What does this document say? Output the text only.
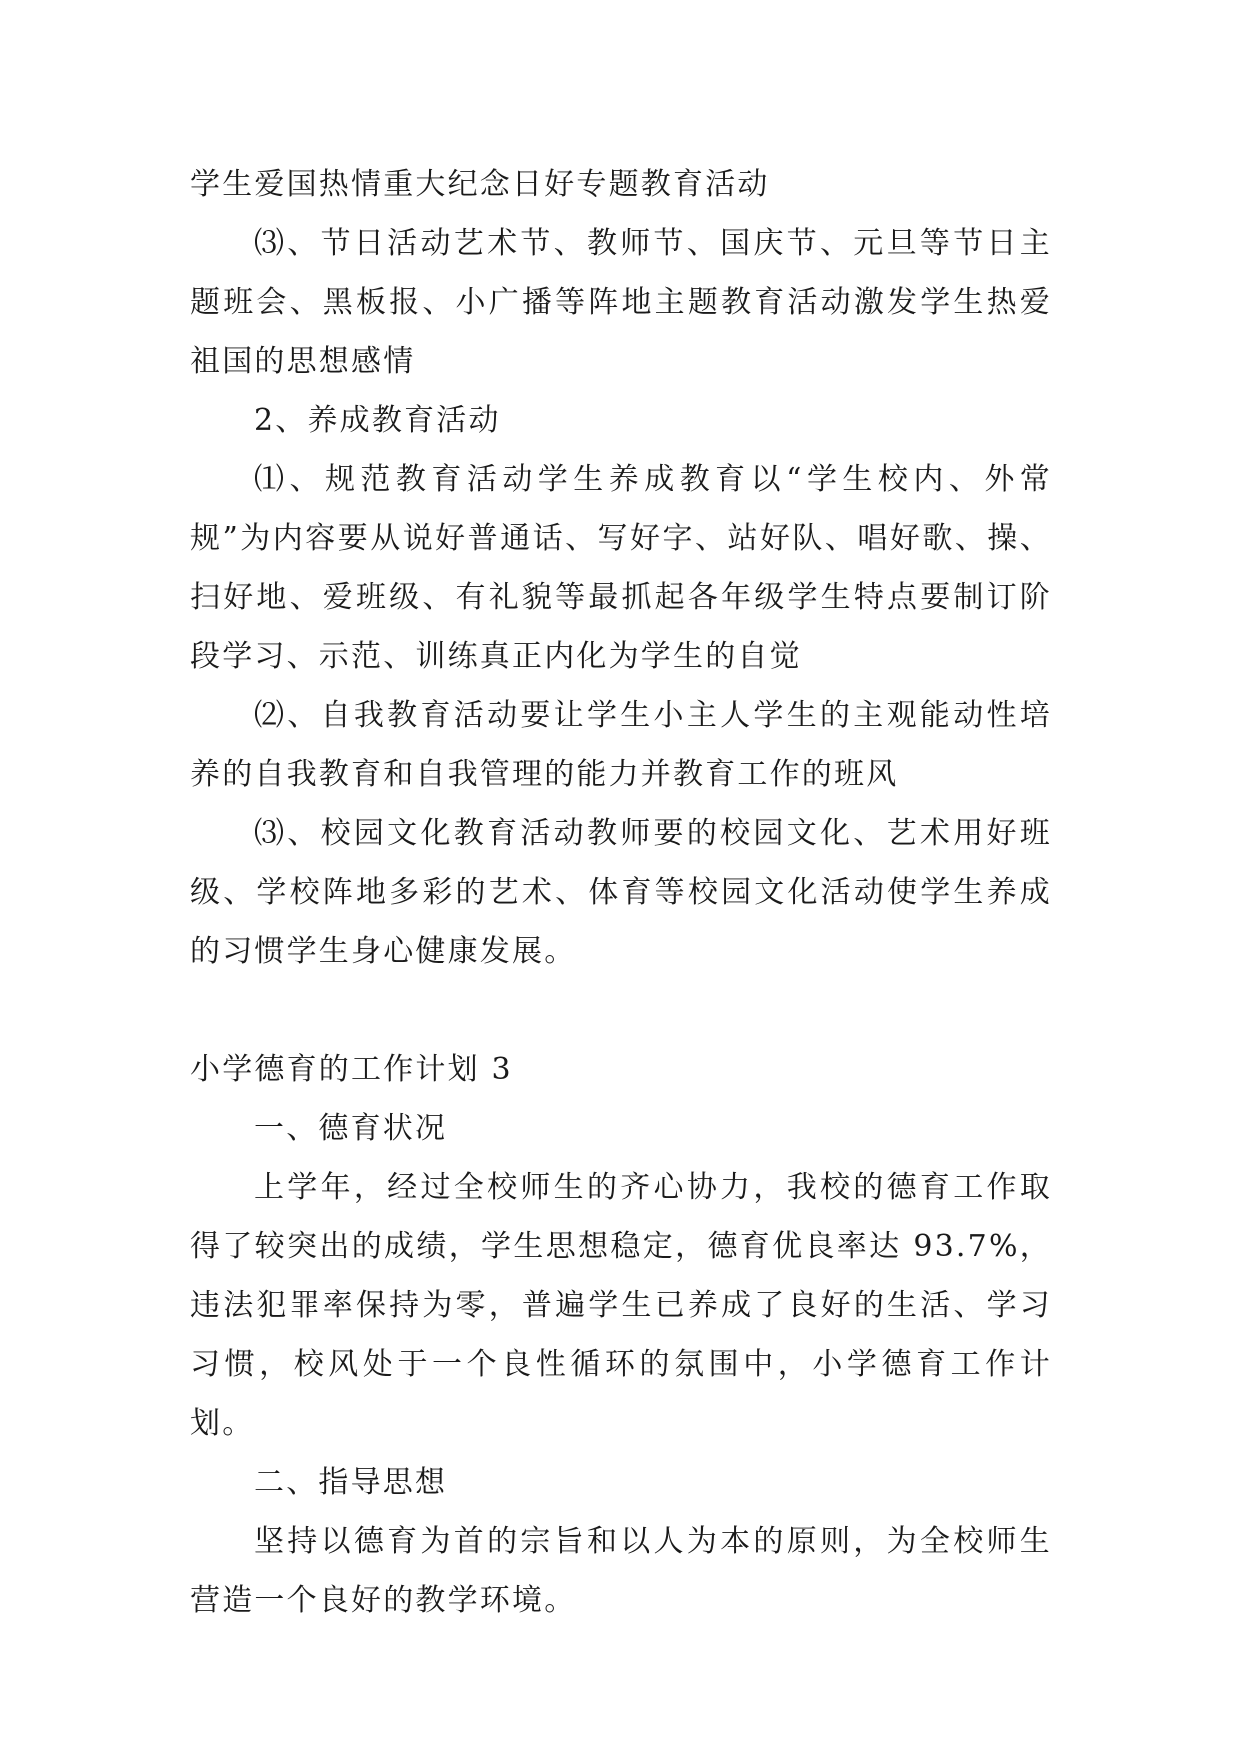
学生爱国热情重大纪念日好专题教育活动

⑶、节日活动艺术节、教师节、国庆节、元旦等节日主题班会、黑板报、小广播等阵地主题教育活动激发学生热爱祖国的思想感情

2、养成教育活动

⑴、规范教育活动学生养成教育以“学生校内、外常规”为内容要从说好普通话、写好字、站好队、唱好歌、操、扫好地、爱班级、有礼貌等最抓起各年级学生特点要制订阶段学习、示范、训练真正内化为学生的自觉

⑵、自我教育活动要让学生小主人学生的主观能动性培养的自我教育和自我管理的能力并教育工作的班风

⑶、校园文化教育活动教师要的校园文化、艺术用好班级、学校阵地多彩的艺术、体育等校园文化活动使学生养成的习惯学生身心健康发展。

小学德育的工作计划 3

一、德育状况

上学年，经过全校师生的齐心协力，我校的德育工作取得了较突出的成绩，学生思想稳定，德育优良率达 93.7%，违法犯罪率保持为零，普遍学生已养成了良好的生活、学习习惯，校风处于一个良性循环的氛围中，小学德育工作计划。

二、指导思想

坚持以德育为首的宗旨和以人为本的原则，为全校师生营造一个良好的教学环境。
